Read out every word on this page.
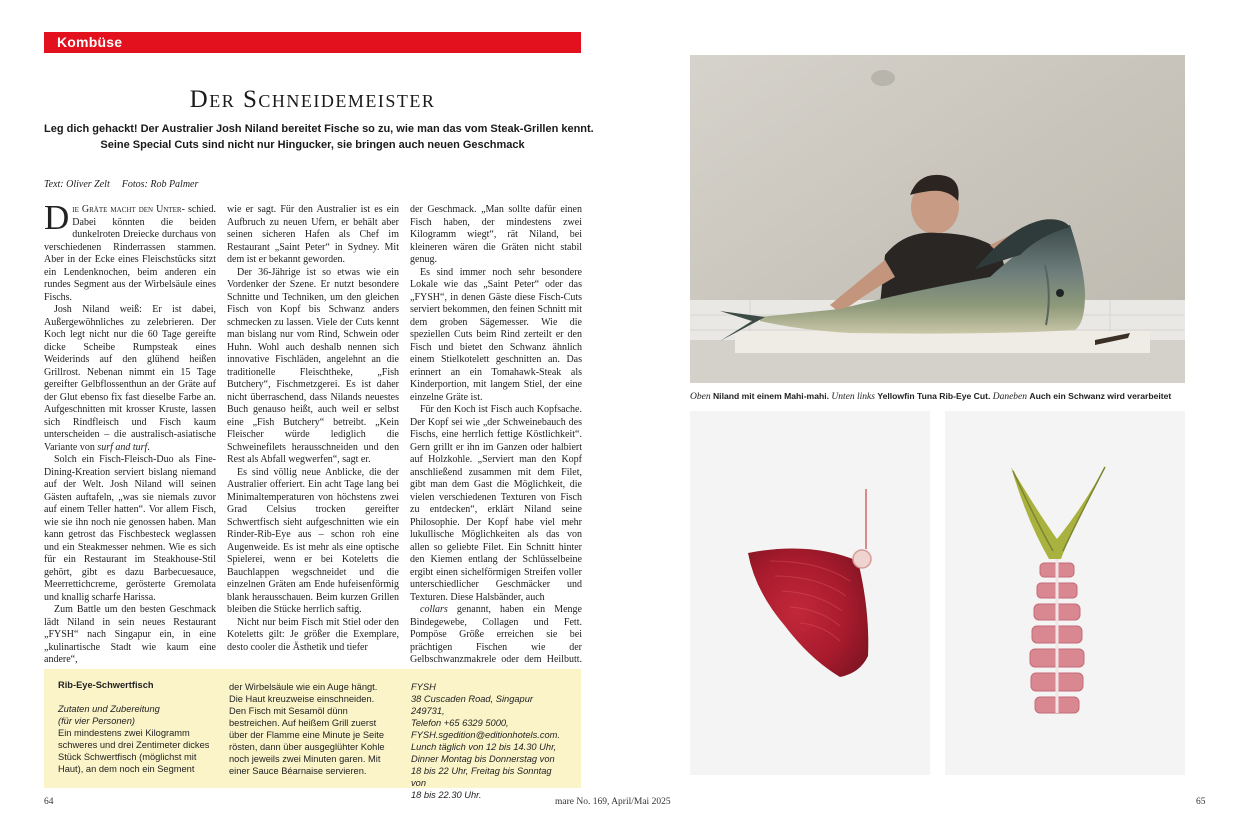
Kombüse
Der Schneidemeister
Leg dich gehackt! Der Australier Josh Niland bereitet Fische so zu, wie man das vom Steak-Grillen kennt.
Seine Special Cuts sind nicht nur Hingucker, sie bringen auch neuen Geschmack
Text: Oliver Zelt Fotos: Rob Palmer

Die Gräte macht den Unter- schied. Dabei könnten die beiden dunkelroten Dreiecke durchaus von verschiedenen Rinderrassen stammen. Aber in der Ecke eines Fleischstücks sitzt ein Lendenknochen, beim anderen ein rundes Segment aus der Wirbelsäule eines Fischs.

Josh Niland weiß: Er ist dabei, Außergewöhnliches zu zelebrieren. Der Koch legt nicht nur die 60 Tage gereifte dicke Scheibe Rumpsteak eines Weiderinds auf den glühend heißen Grillrost. Nebenan nimmt ein 15 Tage gereifter Gelbflossenthun an der Gräte auf der Glut ebenso fix fast dieselbe Farbe an. Aufgeschnitten mit krosser Kruste, lassen sich Rindfleisch und Fisch kaum unterscheiden – die australisch-asiatische Variante von surf and turf.

Solch ein Fisch-Fleisch-Duo als Fine-Dining-Kreation serviert bislang niemand auf der Welt. Josh Niland will seinen Gästen auftafeln, „was sie niemals zuvor auf einem Teller hatten“. Vor allem Fisch, wie sie ihn noch nie genossen haben. Man kann getrost das Fischbesteck weglassen und ein Steakmesser nehmen. Wie es sich für ein Restaurant im Steakhouse-Stil gehört, gibt es dazu Barbecuesauce, Meerrettichcreme, gerösterte Gremolata und knallig scharfe Harissa.

Zum Battle um den besten Geschmack lädt Niland in sein neues Restaurant „FYSH“ nach Singapur ein, in eine „kulinartische Stadt wie kaum eine andere“,

wie er sagt. Für den Australier ist es ein Aufbruch zu neuen Ufern, er behält aber seinen sicheren Hafen als Chef im Restaurant „Saint Peter“ in Sydney. Mit dem ist er bekannt geworden.

Der 36-Jährige ist so etwas wie ein Vordenker der Szene. Er nutzt besondere Schnitte und Techniken, um den gleichen Fisch von Kopf bis Schwanz anders schmecken zu lassen. Viele der Cuts kennt man bislang nur vom Rind, Schwein oder Huhn. Wohl auch deshalb nennen sich innovative Fischläden, angelehnt an die traditionelle Fleischtheke, „Fish Butchery“, Fischmetzgerei. Es ist daher nicht überraschend, dass Nilands neuestes Buch genauso heißt, auch weil er selbst eine „Fish Butchery“ betreibt. „Kein Fleischer würde lediglich die Schweinefilets herausschneiden und den Rest als Abfall wegwerfen“, sagt er.

Es sind völlig neue Anblicke, die der Australier offeriert. Ein acht Tage lang bei Minimaltemperaturen von höchstens zwei Grad Celsius trocken gereifter Schwertfisch sieht aufgeschnitten wie ein Rinder-Rib-Eye aus – schon roh eine Augenweide. Es ist mehr als eine optische Spielerei, wenn er bei Koteletts die Bauchlappen wegschneidet und die einzelnen Gräten am Ende hufeisenförmig blank herausschauen. Beim kurzen Grillen bleiben die Stücke herrlich saftig.

Nicht nur beim Fisch mit Stiel oder den Koteletts gilt: Je größer die Exemplare, desto cooler die Ästhetik und tiefer

der Geschmack. „Man sollte dafür einen Fisch haben, der mindestens zwei Kilogramm wiegt“, rät Niland, bei kleineren wären die Gräten nicht stabil genug.

Es sind immer noch sehr besondere Lokale wie das „Saint Peter“ oder das „FYSH“, in denen Gäste diese Fisch-Cuts serviert bekommen, den feinen Schnitt mit dem groben Sägemesser. Wie die speziellen Cuts beim Rind zerteilt er den Fisch und bietet den Schwanz ähnlich einem Stielkotelett geschnitten an. Das erinnert an ein Tomahawk-Steak als Kinderportion, mit langem Stiel, der eine einzelne Gräte ist.

Für den Koch ist Fisch auch Kopfsache. Der Kopf sei wie „der Schweinebauch des Fischs, eine herrlich fettige Köstlichkeit“. Gern grillt er ihn im Ganzen oder halbiert auf Holzkohle. „Serviert man den Kopf anschließend zusammen mit dem Filet, gibt man dem Gast die Möglichkeit, die vielen verschiedenen Texturen von Fisch zu entdecken“, erklärt Niland seine Philosophie. Der Kopf habe viel mehr lukullische Möglichkeiten als das von allen so geliebte Filet. Ein Schnitt hinter den Kiemen entlang der Schlüsselbeine ergibt einen sichelförmigen Streifen voller unterschiedlicher Geschmäcker und Texturen. Diese Halsbänder, auch

collars genannt, haben ein Menge Bindegewebe, Collagen und Fett. Pompöse Größe erreichen sie bei prächtigen Fischen wie der Gelbschwanzmakrele oder dem Heilbutt.

Rib-Eye-Schwertfisch
Zutaten und Zubereitung
(für vier Personen)
Ein mindestens zwei Kilogramm schweres und drei Zentimeter dickes Stück Schwertfisch (möglichst mit Haut), an dem noch ein Segment
der Wirbelsäule wie ein Auge hängt. Die Haut kreuzweise einschneiden. Den Fisch mit Sesamöl dünn bestreichen. Auf heißem Grill zuerst über der Flamme eine Minute je Seite rösten, dann über ausgeglühter Kohle noch jeweils zwei Minuten garen. Mit einer Sauce Béarnaise servieren.
FYSH
38 Cuscaden Road, Singapur 249731,
Telefon +65 6329 5000,
FYSH.sgedition@editionhotels.com.
Lunch täglich von 12 bis 14.30 Uhr,
Dinner Montag bis Donnerstag von
18 bis 22 Uhr, Freitag bis Sonntag von
18 bis 22.30 Uhr.
64	mare No. 169, April/Mai 2025	65
Oben Niland mit einem Mahi-mahi. Unten links Yellowfin Tuna Rib-Eye Cut. Daneben Auch ein Schwanz wird verarbeitet
